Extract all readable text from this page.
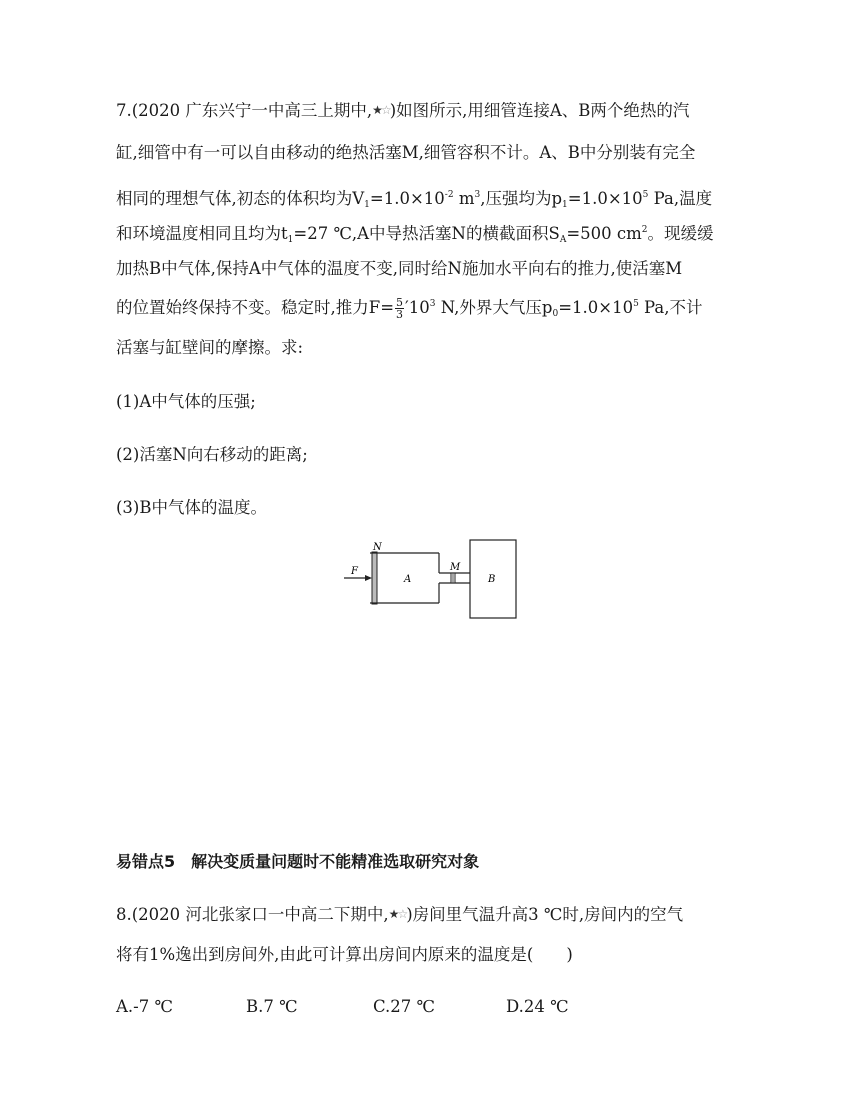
7.(2020 广东兴宁一中高三上期中,★☆)如图所示,用细管连接A、B两个绝热的汽
缸,细管中有一可以自由移动的绝热活塞M,细管容积不计。A、B中分别装有完全
相同的理想气体,初态的体积均为$V_1=1.0\times 10^{-2}$ $m^3$,压强均为$p_1=1.0\times 10^5$ Pa,温度
和环境温度相同且均为$t_1=27$ ℃,A中导热活塞N的横截面积$S_A=500$ $cm^2$。现缓缓
加热B中气体,保持A中气体的温度不变,同时给N施加水平向右的推力,使活塞M
的位置始终保持不变。稳定时,推力$F= \frac{5}{3} '10^3$ N,外界大气压$p_0=1.0\times 10^5$ Pa,不计
活塞与缸壁间的摩擦。求:
(1)A中气体的压强;
(2)活塞N向右移动的距离;
(3)B中气体的温度。
F
N
A
M
B
易错点5　解决变质量问题时不能精准选取研究对象
8.(2020 河北张家口一中高二下期中,★☆)房间里气温升高3 ℃时,房间内的空气
将有1%逸出到房间外,由此可计算出房间内原来的温度是(　　)
A.-7 ℃	B.7 ℃	C.27 ℃	D.24 ℃
